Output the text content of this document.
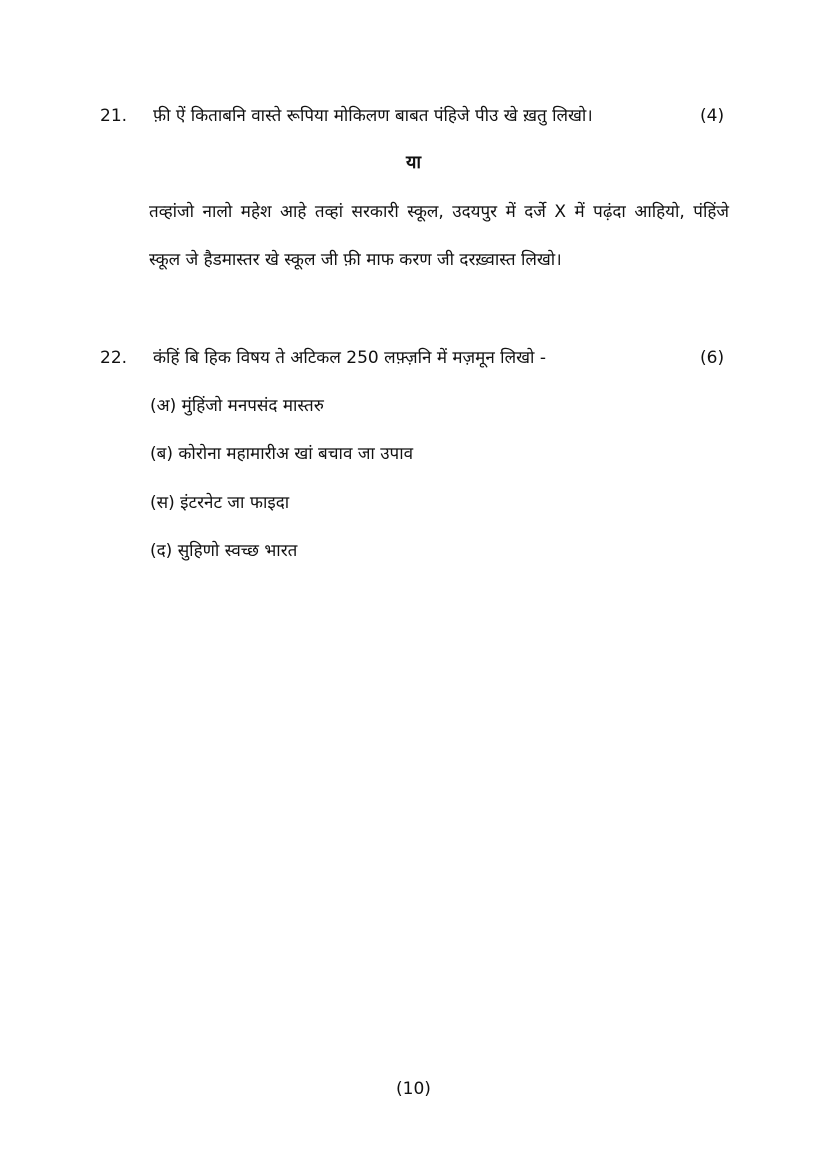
21. फ़ी ऐं किताबनि वास्ते रूपिया मोकिलण बाबत पंहिजे पीउ खे ख़तु लिखो।	(4)
या
तव्हांजो नालो महेश आहे तव्हां सरकारी स्कूल, उदयपुर में दर्जे X में पढ़ंदा आहियो, पंहिंजे
स्कूल जे हैडमास्तर खे स्कूल जी फ़ी माफ करण जी दरख़्वास्त लिखो।
22. कंहिं बि हिक विषय ते अटिकल 250 लफ़्ज़नि में मज़मून लिखो -	(6)
(अ) मुंहिंजो मनपसंद मास्तरु
(ब) कोरोना महामारीअ खां बचाव जा उपाव
(स) इंटरनेट जा फाइदा
(द) सुहिणो स्वच्छ भारत
(10)
